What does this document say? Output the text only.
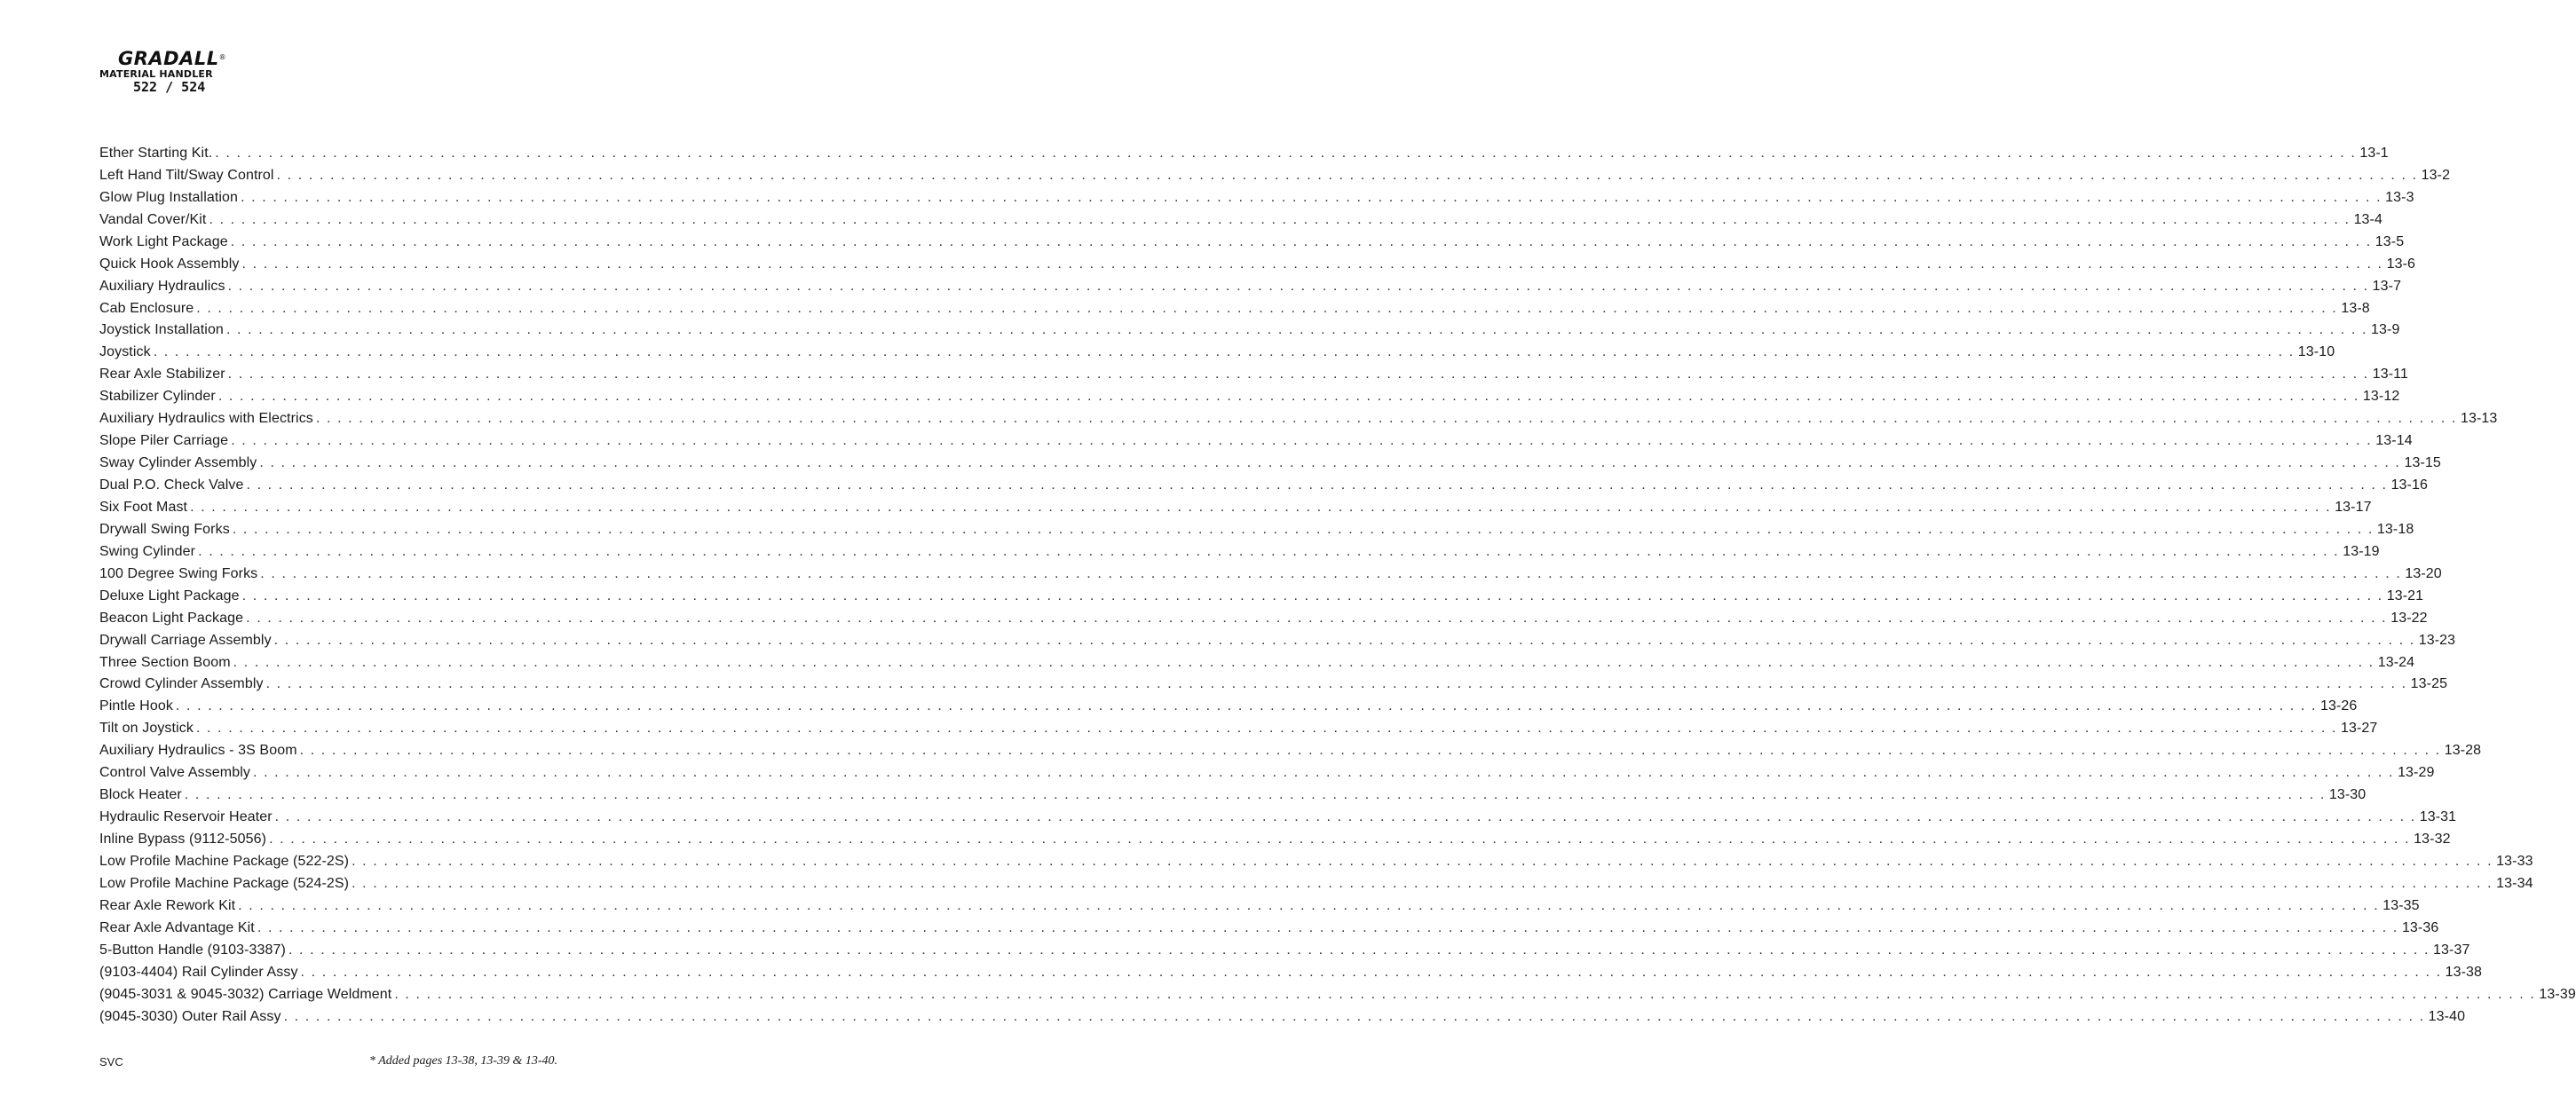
GRADALL®
MATERIAL HANDLER
522 / 524
Ether Starting Kit. . . . . . . . . . . . . . . . . . . . . . . . . . . . . . . . . . . . . . . . . . . . . . . . . . . . . . . . . . . . . . . . . . . . . . . . . . . . . . . . . . . . . . . . . . . . . . . . . . . . . . . . . . . . . . . . . . . . . . . . . . . . . . . . . . . . . . . . . . . . . . . . . . . . . . . . . . . . . . . . . . . . . . . . . . . . . . . . . . . . . . . . . . . . . . . . . . . . . . . . . 13-1
Left Hand Tilt/Sway Control . . . . . . . . . . . . . . . . . . . . . . . . . . . . . . . . . . . . . . . . . . . . . . . . . . . . . . . . . . . . . . . . . . . . . . . . . . . . . . . . . . . . . . . . . . . . . . . . . . . . . . . . . . . . . . . . . . . . . . . . . . . . . . . . . . . . . . . . . . . . . . . . . . . . . . . . . . . . . . . . . . . . . . . . . . . . . . . . . . . . . . . . . . . . . . . . . . . . . . . . 13-2
Glow Plug Installation . . . . . . . . . . . . . . . . . . . . . . . . . . . . . . . . . . . . . . . . . . . . . . . . . . . . . . . . . . . . . . . . . . . . . . . . . . . . . . . . . . . . . . . . . . . . . . . . . . . . . . . . . . . . . . . . . . . . . . . . . . . . . . . . . . . . . . . . . . . . . . . . . . . . . . . . . . . . . . . . . . . . . . . . . . . . . . . . . . . . . . . . . . . . . . . . . . . . . . . . 13-3
Vandal Cover/Kit . . . . . . . . . . . . . . . . . . . . . . . . . . . . . . . . . . . . . . . . . . . . . . . . . . . . . . . . . . . . . . . . . . . . . . . . . . . . . . . . . . . . . . . . . . . . . . . . . . . . . . . . . . . . . . . . . . . . . . . . . . . . . . . . . . . . . . . . . . . . . . . . . . . . . . . . . . . . . . . . . . . . . . . . . . . . . . . . . . . . . . . . . . . . . . . . . . . . . . . . 13-4
Work Light Package . . . . . . . . . . . . . . . . . . . . . . . . . . . . . . . . . . . . . . . . . . . . . . . . . . . . . . . . . . . . . . . . . . . . . . . . . . . . . . . . . . . . . . . . . . . . . . . . . . . . . . . . . . . . . . . . . . . . . . . . . . . . . . . . . . . . . . . . . . . . . . . . . . . . . . . . . . . . . . . . . . . . . . . . . . . . . . . . . . . . . . . . . . . . . . . . . . . . . . . . 13-5
Quick Hook Assembly . . . . . . . . . . . . . . . . . . . . . . . . . . . . . . . . . . . . . . . . . . . . . . . . . . . . . . . . . . . . . . . . . . . . . . . . . . . . . . . . . . . . . . . . . . . . . . . . . . . . . . . . . . . . . . . . . . . . . . . . . . . . . . . . . . . . . . . . . . . . . . . . . . . . . . . . . . . . . . . . . . . . . . . . . . . . . . . . . . . . . . . . . . . . . . . . . . . . . . . . 13-6
Auxiliary Hydraulics . . . . . . . . . . . . . . . . . . . . . . . . . . . . . . . . . . . . . . . . . . . . . . . . . . . . . . . . . . . . . . . . . . . . . . . . . . . . . . . . . . . . . . . . . . . . . . . . . . . . . . . . . . . . . . . . . . . . . . . . . . . . . . . . . . . . . . . . . . . . . . . . . . . . . . . . . . . . . . . . . . . . . . . . . . . . . . . . . . . . . . . . . . . . . . . . . . . . . . . . 13-7
Cab Enclosure . . . . . . . . . . . . . . . . . . . . . . . . . . . . . . . . . . . . . . . . . . . . . . . . . . . . . . . . . . . . . . . . . . . . . . . . . . . . . . . . . . . . . . . . . . . . . . . . . . . . . . . . . . . . . . . . . . . . . . . . . . . . . . . . . . . . . . . . . . . . . . . . . . . . . . . . . . . . . . . . . . . . . . . . . . . . . . . . . . . . . . . . . . . . . . . . . . . . . . . . 13-8
Joystick Installation . . . . . . . . . . . . . . . . . . . . . . . . . . . . . . . . . . . . . . . . . . . . . . . . . . . . . . . . . . . . . . . . . . . . . . . . . . . . . . . . . . . . . . . . . . . . . . . . . . . . . . . . . . . . . . . . . . . . . . . . . . . . . . . . . . . . . . . . . . . . . . . . . . . . . . . . . . . . . . . . . . . . . . . . . . . . . . . . . . . . . . . . . . . . . . . . . . . . . . . . 13-9
Joystick . . . . . . . . . . . . . . . . . . . . . . . . . . . . . . . . . . . . . . . . . . . . . . . . . . . . . . . . . . . . . . . . . . . . . . . . . . . . . . . . . . . . . . . . . . . . . . . . . . . . . . . . . . . . . . . . . . . . . . . . . . . . . . . . . . . . . . . . . . . . . . . . . . . . . . . . . . . . . . . . . . . . . . . . . . . . . . . . . . . . . . . . . . . . . . . . . . . . . . . . 13-10
Rear Axle Stabilizer . . . . . . . . . . . . . . . . . . . . . . . . . . . . . . . . . . . . . . . . . . . . . . . . . . . . . . . . . . . . . . . . . . . . . . . . . . . . . . . . . . . . . . . . . . . . . . . . . . . . . . . . . . . . . . . . . . . . . . . . . . . . . . . . . . . . . . . . . . . . . . . . . . . . . . . . . . . . . . . . . . . . . . . . . . . . . . . . . . . . . . . . . . . . . . . . . . . . . . . . 13-11
Stabilizer Cylinder . . . . . . . . . . . . . . . . . . . . . . . . . . . . . . . . . . . . . . . . . . . . . . . . . . . . . . . . . . . . . . . . . . . . . . . . . . . . . . . . . . . . . . . . . . . . . . . . . . . . . . . . . . . . . . . . . . . . . . . . . . . . . . . . . . . . . . . . . . . . . . . . . . . . . . . . . . . . . . . . . . . . . . . . . . . . . . . . . . . . . . . . . . . . . . . . . . . . . . . . 13-12
Auxiliary Hydraulics with Electrics . . . . . . . . . . . . . . . . . . . . . . . . . . . . . . . . . . . . . . . . . . . . . . . . . . . . . . . . . . . . . . . . . . . . . . . . . . . . . . . . . . . . . . . . . . . . . . . . . . . . . . . . . . . . . . . . . . . . . . . . . . . . . . . . . . . . . . . . . . . . . . . . . . . . . . . . . . . . . . . . . . . . . . . . . . . . . . . . . . . . . . . . . . . . . . . . . . . . . . . . 13-13
Slope Piler Carriage . . . . . . . . . . . . . . . . . . . . . . . . . . . . . . . . . . . . . . . . . . . . . . . . . . . . . . . . . . . . . . . . . . . . . . . . . . . . . . . . . . . . . . . . . . . . . . . . . . . . . . . . . . . . . . . . . . . . . . . . . . . . . . . . . . . . . . . . . . . . . . . . . . . . . . . . . . . . . . . . . . . . . . . . . . . . . . . . . . . . . . . . . . . . . . . . . . . . . . . . 13-14
Sway Cylinder Assembly . . . . . . . . . . . . . . . . . . . . . . . . . . . . . . . . . . . . . . . . . . . . . . . . . . . . . . . . . . . . . . . . . . . . . . . . . . . . . . . . . . . . . . . . . . . . . . . . . . . . . . . . . . . . . . . . . . . . . . . . . . . . . . . . . . . . . . . . . . . . . . . . . . . . . . . . . . . . . . . . . . . . . . . . . . . . . . . . . . . . . . . . . . . . . . . . . . . . . . . . 13-15
Dual P.O. Check Valve . . . . . . . . . . . . . . . . . . . . . . . . . . . . . . . . . . . . . . . . . . . . . . . . . . . . . . . . . . . . . . . . . . . . . . . . . . . . . . . . . . . . . . . . . . . . . . . . . . . . . . . . . . . . . . . . . . . . . . . . . . . . . . . . . . . . . . . . . . . . . . . . . . . . . . . . . . . . . . . . . . . . . . . . . . . . . . . . . . . . . . . . . . . . . . . . . . . . . . . . 13-16
Six Foot Mast . . . . . . . . . . . . . . . . . . . . . . . . . . . . . . . . . . . . . . . . . . . . . . . . . . . . . . . . . . . . . . . . . . . . . . . . . . . . . . . . . . . . . . . . . . . . . . . . . . . . . . . . . . . . . . . . . . . . . . . . . . . . . . . . . . . . . . . . . . . . . . . . . . . . . . . . . . . . . . . . . . . . . . . . . . . . . . . . . . . . . . . . . . . . . . . . . . . . . . . . 13-17
Drywall Swing Forks . . . . . . . . . . . . . . . . . . . . . . . . . . . . . . . . . . . . . . . . . . . . . . . . . . . . . . . . . . . . . . . . . . . . . . . . . . . . . . . . . . . . . . . . . . . . . . . . . . . . . . . . . . . . . . . . . . . . . . . . . . . . . . . . . . . . . . . . . . . . . . . . . . . . . . . . . . . . . . . . . . . . . . . . . . . . . . . . . . . . . . . . . . . . . . . . . . . . . . . . 13-18
Swing Cylinder . . . . . . . . . . . . . . . . . . . . . . . . . . . . . . . . . . . . . . . . . . . . . . . . . . . . . . . . . . . . . . . . . . . . . . . . . . . . . . . . . . . . . . . . . . . . . . . . . . . . . . . . . . . . . . . . . . . . . . . . . . . . . . . . . . . . . . . . . . . . . . . . . . . . . . . . . . . . . . . . . . . . . . . . . . . . . . . . . . . . . . . . . . . . . . . . . . . . . . . . 13-19
100 Degree Swing Forks . . . . . . . . . . . . . . . . . . . . . . . . . . . . . . . . . . . . . . . . . . . . . . . . . . . . . . . . . . . . . . . . . . . . . . . . . . . . . . . . . . . . . . . . . . . . . . . . . . . . . . . . . . . . . . . . . . . . . . . . . . . . . . . . . . . . . . . . . . . . . . . . . . . . . . . . . . . . . . . . . . . . . . . . . . . . . . . . . . . . . . . . . . . . . . . . . . . . . . . . 13-20
Deluxe Light Package . . . . . . . . . . . . . . . . . . . . . . . . . . . . . . . . . . . . . . . . . . . . . . . . . . . . . . . . . . . . . . . . . . . . . . . . . . . . . . . . . . . . . . . . . . . . . . . . . . . . . . . . . . . . . . . . . . . . . . . . . . . . . . . . . . . . . . . . . . . . . . . . . . . . . . . . . . . . . . . . . . . . . . . . . . . . . . . . . . . . . . . . . . . . . . . . . . . . . . . . 13-21
Beacon Light Package . . . . . . . . . . . . . . . . . . . . . . . . . . . . . . . . . . . . . . . . . . . . . . . . . . . . . . . . . . . . . . . . . . . . . . . . . . . . . . . . . . . . . . . . . . . . . . . . . . . . . . . . . . . . . . . . . . . . . . . . . . . . . . . . . . . . . . . . . . . . . . . . . . . . . . . . . . . . . . . . . . . . . . . . . . . . . . . . . . . . . . . . . . . . . . . . . . . . . . . . 13-22
Drywall Carriage Assembly . . . . . . . . . . . . . . . . . . . . . . . . . . . . . . . . . . . . . . . . . . . . . . . . . . . . . . . . . . . . . . . . . . . . . . . . . . . . . . . . . . . . . . . . . . . . . . . . . . . . . . . . . . . . . . . . . . . . . . . . . . . . . . . . . . . . . . . . . . . . . . . . . . . . . . . . . . . . . . . . . . . . . . . . . . . . . . . . . . . . . . . . . . . . . . . . . . . . . . . . 13-23
Three Section Boom . . . . . . . . . . . . . . . . . . . . . . . . . . . . . . . . . . . . . . . . . . . . . . . . . . . . . . . . . . . . . . . . . . . . . . . . . . . . . . . . . . . . . . . . . . . . . . . . . . . . . . . . . . . . . . . . . . . . . . . . . . . . . . . . . . . . . . . . . . . . . . . . . . . . . . . . . . . . . . . . . . . . . . . . . . . . . . . . . . . . . . . . . . . . . . . . . . . . . . . . 13-24
Crowd Cylinder Assembly . . . . . . . . . . . . . . . . . . . . . . . . . . . . . . . . . . . . . . . . . . . . . . . . . . . . . . . . . . . . . . . . . . . . . . . . . . . . . . . . . . . . . . . . . . . . . . . . . . . . . . . . . . . . . . . . . . . . . . . . . . . . . . . . . . . . . . . . . . . . . . . . . . . . . . . . . . . . . . . . . . . . . . . . . . . . . . . . . . . . . . . . . . . . . . . . . . . . . . . . 13-25
Pintle Hook . . . . . . . . . . . . . . . . . . . . . . . . . . . . . . . . . . . . . . . . . . . . . . . . . . . . . . . . . . . . . . . . . . . . . . . . . . . . . . . . . . . . . . . . . . . . . . . . . . . . . . . . . . . . . . . . . . . . . . . . . . . . . . . . . . . . . . . . . . . . . . . . . . . . . . . . . . . . . . . . . . . . . . . . . . . . . . . . . . . . . . . . . . . . . . . . . . . . . . . . 13-26
Tilt on Joystick . . . . . . . . . . . . . . . . . . . . . . . . . . . . . . . . . . . . . . . . . . . . . . . . . . . . . . . . . . . . . . . . . . . . . . . . . . . . . . . . . . . . . . . . . . . . . . . . . . . . . . . . . . . . . . . . . . . . . . . . . . . . . . . . . . . . . . . . . . . . . . . . . . . . . . . . . . . . . . . . . . . . . . . . . . . . . . . . . . . . . . . . . . . . . . . . . . . . . . . . 13-27
Auxiliary Hydraulics - 3S Boom . . . . . . . . . . . . . . . . . . . . . . . . . . . . . . . . . . . . . . . . . . . . . . . . . . . . . . . . . . . . . . . . . . . . . . . . . . . . . . . . . . . . . . . . . . . . . . . . . . . . . . . . . . . . . . . . . . . . . . . . . . . . . . . . . . . . . . . . . . . . . . . . . . . . . . . . . . . . . . . . . . . . . . . . . . . . . . . . . . . . . . . . . . . . . . . . . . . . . . . . 13-28
Control Valve Assembly . . . . . . . . . . . . . . . . . . . . . . . . . . . . . . . . . . . . . . . . . . . . . . . . . . . . . . . . . . . . . . . . . . . . . . . . . . . . . . . . . . . . . . . . . . . . . . . . . . . . . . . . . . . . . . . . . . . . . . . . . . . . . . . . . . . . . . . . . . . . . . . . . . . . . . . . . . . . . . . . . . . . . . . . . . . . . . . . . . . . . . . . . . . . . . . . . . . . . . . . 13-29
Block Heater . . . . . . . . . . . . . . . . . . . . . . . . . . . . . . . . . . . . . . . . . . . . . . . . . . . . . . . . . . . . . . . . . . . . . . . . . . . . . . . . . . . . . . . . . . . . . . . . . . . . . . . . . . . . . . . . . . . . . . . . . . . . . . . . . . . . . . . . . . . . . . . . . . . . . . . . . . . . . . . . . . . . . . . . . . . . . . . . . . . . . . . . . . . . . . . . . . . . . . . . 13-30
Hydraulic Reservoir Heater . . . . . . . . . . . . . . . . . . . . . . . . . . . . . . . . . . . . . . . . . . . . . . . . . . . . . . . . . . . . . . . . . . . . . . . . . . . . . . . . . . . . . . . . . . . . . . . . . . . . . . . . . . . . . . . . . . . . . . . . . . . . . . . . . . . . . . . . . . . . . . . . . . . . . . . . . . . . . . . . . . . . . . . . . . . . . . . . . . . . . . . . . . . . . . . . . . . . . . . . 13-31
Inline Bypass (9112-5056) . . . . . . . . . . . . . . . . . . . . . . . . . . . . . . . . . . . . . . . . . . . . . . . . . . . . . . . . . . . . . . . . . . . . . . . . . . . . . . . . . . . . . . . . . . . . . . . . . . . . . . . . . . . . . . . . . . . . . . . . . . . . . . . . . . . . . . . . . . . . . . . . . . . . . . . . . . . . . . . . . . . . . . . . . . . . . . . . . . . . . . . . . . . . . . . . . . . . . . . . 13-32
Low Profile Machine Package (522-2S) . . . . . . . . . . . . . . . . . . . . . . . . . . . . . . . . . . . . . . . . . . . . . . . . . . . . . . . . . . . . . . . . . . . . . . . . . . . . . . . . . . . . . . . . . . . . . . . . . . . . . . . . . . . . . . . . . . . . . . . . . . . . . . . . . . . . . . . . . . . . . . . . . . . . . . . . . . . . . . . . . . . . . . . . . . . . . . . . . . . . . . . . . . . . . . . . . . . . . . . . 13-33
Low Profile Machine Package (524-2S) . . . . . . . . . . . . . . . . . . . . . . . . . . . . . . . . . . . . . . . . . . . . . . . . . . . . . . . . . . . . . . . . . . . . . . . . . . . . . . . . . . . . . . . . . . . . . . . . . . . . . . . . . . . . . . . . . . . . . . . . . . . . . . . . . . . . . . . . . . . . . . . . . . . . . . . . . . . . . . . . . . . . . . . . . . . . . . . . . . . . . . . . . . . . . . . . . . . . . . . . 13-34
Rear Axle Rework Kit . . . . . . . . . . . . . . . . . . . . . . . . . . . . . . . . . . . . . . . . . . . . . . . . . . . . . . . . . . . . . . . . . . . . . . . . . . . . . . . . . . . . . . . . . . . . . . . . . . . . . . . . . . . . . . . . . . . . . . . . . . . . . . . . . . . . . . . . . . . . . . . . . . . . . . . . . . . . . . . . . . . . . . . . . . . . . . . . . . . . . . . . . . . . . . . . . . . . . . . . 13-35
Rear Axle Advantage Kit . . . . . . . . . . . . . . . . . . . . . . . . . . . . . . . . . . . . . . . . . . . . . . . . . . . . . . . . . . . . . . . . . . . . . . . . . . . . . . . . . . . . . . . . . . . . . . . . . . . . . . . . . . . . . . . . . . . . . . . . . . . . . . . . . . . . . . . . . . . . . . . . . . . . . . . . . . . . . . . . . . . . . . . . . . . . . . . . . . . . . . . . . . . . . . . . . . . . . . . . 13-36
5-Button Handle (9103-3387) . . . . . . . . . . . . . . . . . . . . . . . . . . . . . . . . . . . . . . . . . . . . . . . . . . . . . . . . . . . . . . . . . . . . . . . . . . . . . . . . . . . . . . . . . . . . . . . . . . . . . . . . . . . . . . . . . . . . . . . . . . . . . . . . . . . . . . . . . . . . . . . . . . . . . . . . . . . . . . . . . . . . . . . . . . . . . . . . . . . . . . . . . . . . . . . . . . . . . . . . 13-37
(9103-4404) Rail Cylinder Assy . . . . . . . . . . . . . . . . . . . . . . . . . . . . . . . . . . . . . . . . . . . . . . . . . . . . . . . . . . . . . . . . . . . . . . . . . . . . . . . . . . . . . . . . . . . . . . . . . . . . . . . . . . . . . . . . . . . . . . . . . . . . . . . . . . . . . . . . . . . . . . . . . . . . . . . . . . . . . . . . . . . . . . . . . . . . . . . . . . . . . . . . . . . . . . . . . . . . . . . . 13-38
(9045-3031 & 9045-3032) Carriage Weldment . . . . . . . . . . . . . . . . . . . . . . . . . . . . . . . . . . . . . . . . . . . . . . . . . . . . . . . . . . . . . . . . . . . . . . . . . . . . . . . . . . . . . . . . . . . . . . . . . . . . . . . . . . . . . . . . . . . . . . . . . . . . . . . . . . . . . . . . . . . . . . . . . . . . . . . . . . . . . . . . . . . . . . . . . . . . . . . . . . . . . . . . . . . . . . . . . . . . . . . . 13-39
(9045-3030) Outer Rail Assy . . . . . . . . . . . . . . . . . . . . . . . . . . . . . . . . . . . . . . . . . . . . . . . . . . . . . . . . . . . . . . . . . . . . . . . . . . . . . . . . . . . . . . . . . . . . . . . . . . . . . . . . . . . . . . . . . . . . . . . . . . . . . . . . . . . . . . . . . . . . . . . . . . . . . . . . . . . . . . . . . . . . . . . . . . . . . . . . . . . . . . . . . . . . . . . . . . . . . . . . 13-40
SVC	* Added pages 13-38, 13-39 & 13-40.
